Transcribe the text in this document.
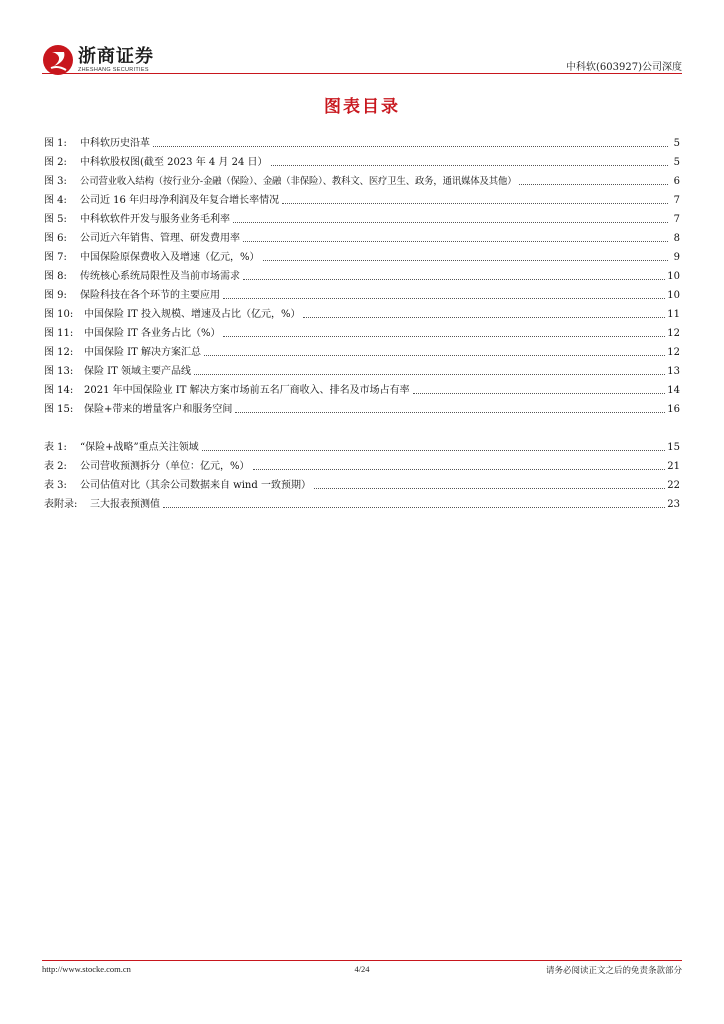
浙商证券
ZHESHANG SECURITIES	中科软(603927)公司深度
图表目录
图 1:	中科软历史沿革	5
图 2:	中科软股权图(截至 2023 年 4 月 24 日）	5
图 3:	公司营业收入结构（按行业分-金融（保险）、金融（非保险）、教科文、医疗卫生、政务，通讯媒体及其他）	6
图 4:	公司近 16 年归母净利润及年复合增长率情况	7
图 5:	中科软软件开发与服务业务毛利率	7
图 6:	公司近六年销售、管理、研发费用率	8
图 7:	中国保险原保费收入及增速（亿元，%）	9
图 8:	传统核心系统局限性及当前市场需求	10
图 9:	保险科技在各个环节的主要应用	10
图 10:	中国保险 IT 投入规模、增速及占比（亿元，%）	11
图 11:	中国保险 IT 各业务占比（%）	12
图 12:	中国保险 IT 解决方案汇总	12
图 13:	保险 IT 领域主要产品线	13
图 14:	2021 年中国保险业 IT 解决方案市场前五名厂商收入、排名及市场占有率	14
图 15:	保险+带来的增量客户和服务空间	16
表 1:	“保险+战略”重点关注领域	15
表 2:	公司营收预测拆分（单位：亿元，%）	21
表 3:	公司估值对比（其余公司数据来自 wind 一致预期）	22
表附录:	三大报表预测值	23
http://www.stocke.com.cn	4/24	请务必阅读正文之后的免责条款部分
